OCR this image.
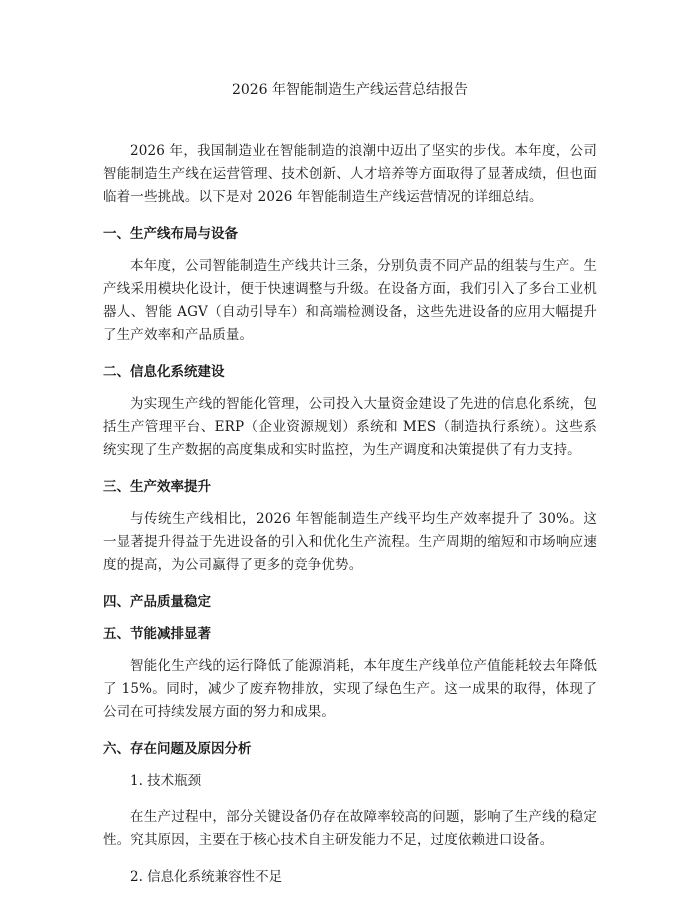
2026 年智能制造生产线运营总结报告

2026 年，我国制造业在智能制造的浪潮中迈出了坚实的步伐。本年度，公司智能制造生产线在运营管理、技术创新、人才培养等方面取得了显著成绩，但也面临着一些挑战。以下是对 2026 年智能制造生产线运营情况的详细总结。

一、生产线布局与设备

本年度，公司智能制造生产线共计三条，分别负责不同产品的组装与生产。生产线采用模块化设计，便于快速调整与升级。在设备方面，我们引入了多台工业机器人、智能 AGV（自动引导车）和高端检测设备，这些先进设备的应用大幅提升了生产效率和产品质量。

二、信息化系统建设

为实现生产线的智能化管理，公司投入大量资金建设了先进的信息化系统，包括生产管理平台、ERP（企业资源规划）系统和 MES（制造执行系统）。这些系统实现了生产数据的高度集成和实时监控，为生产调度和决策提供了有力支持。

三、生产效率提升

与传统生产线相比，2026 年智能制造生产线平均生产效率提升了 30%。这一显著提升得益于先进设备的引入和优化生产流程。生产周期的缩短和市场响应速度的提高，为公司赢得了更多的竞争优势。

四、产品质量稳定
五、节能减排显著

智能化生产线的运行降低了能源消耗，本年度生产线单位产值能耗较去年降低了 15%。同时，减少了废弃物排放，实现了绿色生产。这一成果的取得，体现了公司在可持续发展方面的努力和成果。

六、存在问题及原因分析

1. 技术瓶颈

在生产过程中，部分关键设备仍存在故障率较高的问题，影响了生产线的稳定性。究其原因，主要在于核心技术自主研发能力不足，过度依赖进口设备。

2. 信息化系统兼容性不足
